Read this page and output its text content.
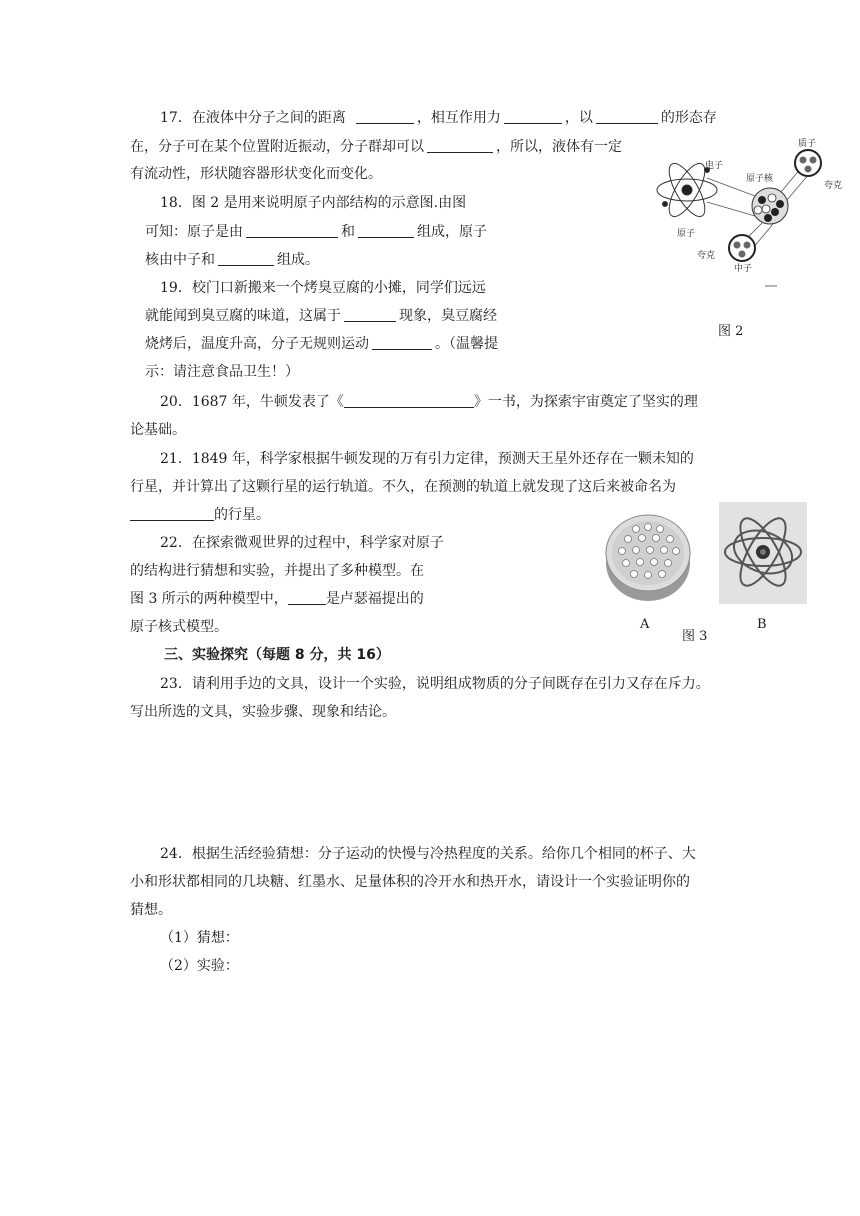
17．在液体中分子之间的距离	，相互作用力	，以	的形态存
在，分子可在某个位置附近振动，分子群却可以	，所以，液体有一定
有流动性，形状随容器形状变化而变化。
18．图 2 是用来说明原子内部结构的示意图.由图
可知：原子是由	和	组成，原子
核由中子和	组成。
19．校门口新搬来一个烤臭豆腐的小摊，同学们远远
就能闻到臭豆腐的味道，这属于	现象，臭豆腐经
烧烤后，温度升高，分子无规则运动	。（温馨提
示：请注意食品卫生！）
20．1687 年，牛顿发表了《	》一书，为探索宇宙奠定了坚实的理
论基础。
21．1849 年，科学家根据牛顿发现的万有引力定律，预测天王星外还存在一颗未知的
行星，并计算出了这颗行星的运行轨道。不久，在预测的轨道上就发现了这后来被命名为
的行星。
22．在探索微观世界的过程中，科学家对原子
的结构进行猜想和实验，并提出了多种模型。在
图 3 所示的两种模型中，	是卢瑟福提出的
原子核式模型。
三、实验探究（每题 8 分，共 16）
23．请利用手边的文具，设计一个实验，说明组成物质的分子间既存在引力又存在斥力。
写出所选的文具，实验步骤、现象和结论。
24．根据生活经验猜想：分子运动的快慢与冷热程度的关系。给你几个相同的杯子、大
小和形状都相同的几块糖、红墨水、足量体积的冷开水和热开水，请设计一个实验证明你的
猜想。
（1）猜想：
（2）实验：
电子
原子核
质子
夸克
原子
夸克
中子
图 2
A
图 3
B
